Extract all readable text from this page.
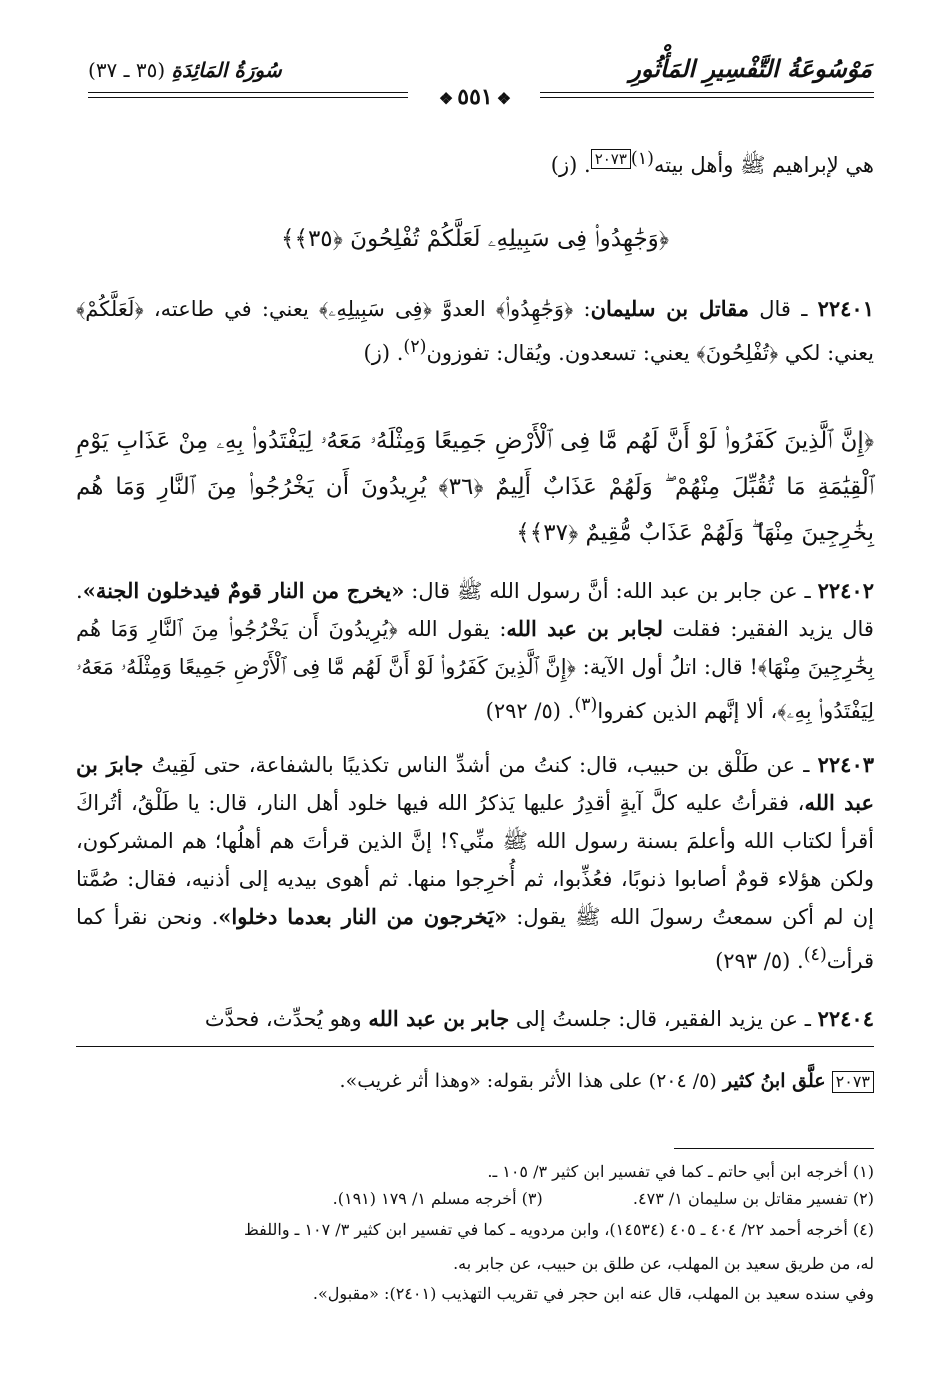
سُورَةُ المَائِدَةِ (٣٥ ـ ٣٧)	مَوْسُوعَةُ التَّفْسِيرِ المَأْثُورِ
❖ ٥٥١ ❖
هي لإبراهيم ﷺ وأهل بيته$^{(١)}$٢٠٧٣. (ز)
﴿وَجَٰهِدُوا۟ فِى سَبِيلِهِۦ لَعَلَّكُمْ تُفْلِحُونَ ﴿٣٥﴾﴾
٢٢٤٠١ ـ قال مقاتل بن سليمان: ﴿وَجَٰهِدُوا۟﴾ العدوَّ ﴿فِى سَبِيلِهِۦ﴾ يعني: في طاعته، ﴿لَعَلَّكُمْ﴾ يعني: لكي ﴿تُفْلِحُونَ﴾ يعني: تسعدون. ويُقال: تفوزون$^{(٢)}$. (ز)
﴿إِنَّ ٱلَّذِينَ كَفَرُوا۟ لَوْ أَنَّ لَهُم مَّا فِى ٱلْأَرْضِ جَمِيعًا وَمِثْلَهُۥ مَعَهُۥ لِيَفْتَدُوا۟ بِهِۦ مِنْ عَذَابِ يَوْمِ ٱلْقِيَٰمَةِ مَا تُقُبِّلَ مِنْهُمْ ۖ وَلَهُمْ عَذَابٌ أَلِيمٌ ﴿٣٦﴾ يُرِيدُونَ أَن يَخْرُجُوا۟ مِنَ ٱلنَّارِ وَمَا هُم بِخَٰرِجِينَ مِنْهَا ۖ وَلَهُمْ عَذَابٌ مُّقِيمٌ ﴿٣٧﴾﴾
٢٢٤٠٢ ـ عن جابر بن عبد الله: أنَّ رسول الله ﷺ قال: «يخرج من النار قومٌ فيدخلون الجنة». قال يزيد الفقير: فقلت لجابر بن عبد الله: يقول الله ﴿يُرِيدُونَ أَن يَخْرُجُوا۟ مِنَ ٱلنَّارِ وَمَا هُم بِخَٰرِجِينَ مِنْهَا﴾! قال: اتلُ أول الآية: ﴿إِنَّ ٱلَّذِينَ كَفَرُوا۟ لَوْ أَنَّ لَهُم مَّا فِى ٱلْأَرْضِ جَمِيعًا وَمِثْلَهُۥ مَعَهُۥ لِيَفْتَدُوا۟ بِهِۦ﴾، ألا إنَّهم الذين كفروا$^{(٣)}$. (٥/ ٢٩٢)
٢٢٤٠٣ ـ عن طَلْق بن حبيب، قال: كنتُ من أشدِّ الناس تكذيبًا بالشفاعة، حتى لَقِيتُ جابرَ بن عبد الله، فقرأتُ عليه كلَّ آيةٍ أقدِرُ عليها يَذكرُ الله فيها خلود أهل النار، قال: يا طَلْقُ، أتُراكَ أقرأ لكتاب الله وأعلمَ بسنة رسول الله ﷺ منِّي؟! إنَّ الذين قرأتَ هم أهلُها؛ هم المشركون، ولكن هؤلاء قومٌ أصابوا ذنوبًا، فعُذِّبوا، ثم أُخرِجوا منها. ثم أهوى بيديه إلى أذنيه، فقال: صُمَّتا إن لم أكن سمعتُ رسولَ الله ﷺ يقول: «يَخرجون من النار بعدما دخلوا». ونحن نقرأ كما قرأت$^{(٤)}$. (٥/ ٢٩٣)
٢٢٤٠٤ ـ عن يزيد الفقير، قال: جلستُ إلى جابر بن عبد الله وهو يُحدِّث، فحدَّث
٢٠٧٣ علَّق ابنُ كثير (٥/ ٢٠٤) على هذا الأثر بقوله: «وهذا أثر غريب».
(١) أخرجه ابن أبي حاتم ـ كما في تفسير ابن كثير ٣/ ١٠٥ ـ.
(٢) تفسير مقاتل بن سليمان ١/ ٤٧٣.  (٣) أخرجه مسلم ١/ ١٧٩ (١٩١).
(٤) أخرجه أحمد ٢٢/ ٤٠٤ ـ ٤٠٥ (١٤٥٣٤)، وابن مردويه ـ كما في تفسير ابن كثير ٣/ ١٠٧ ـ واللفظ
له، من طريق سعيد بن المهلب، عن طلق بن حبيب، عن جابر به.
وفي سنده سعيد بن المهلب، قال عنه ابن حجر في تقريب التهذيب (٢٤٠١): «مقبول».
